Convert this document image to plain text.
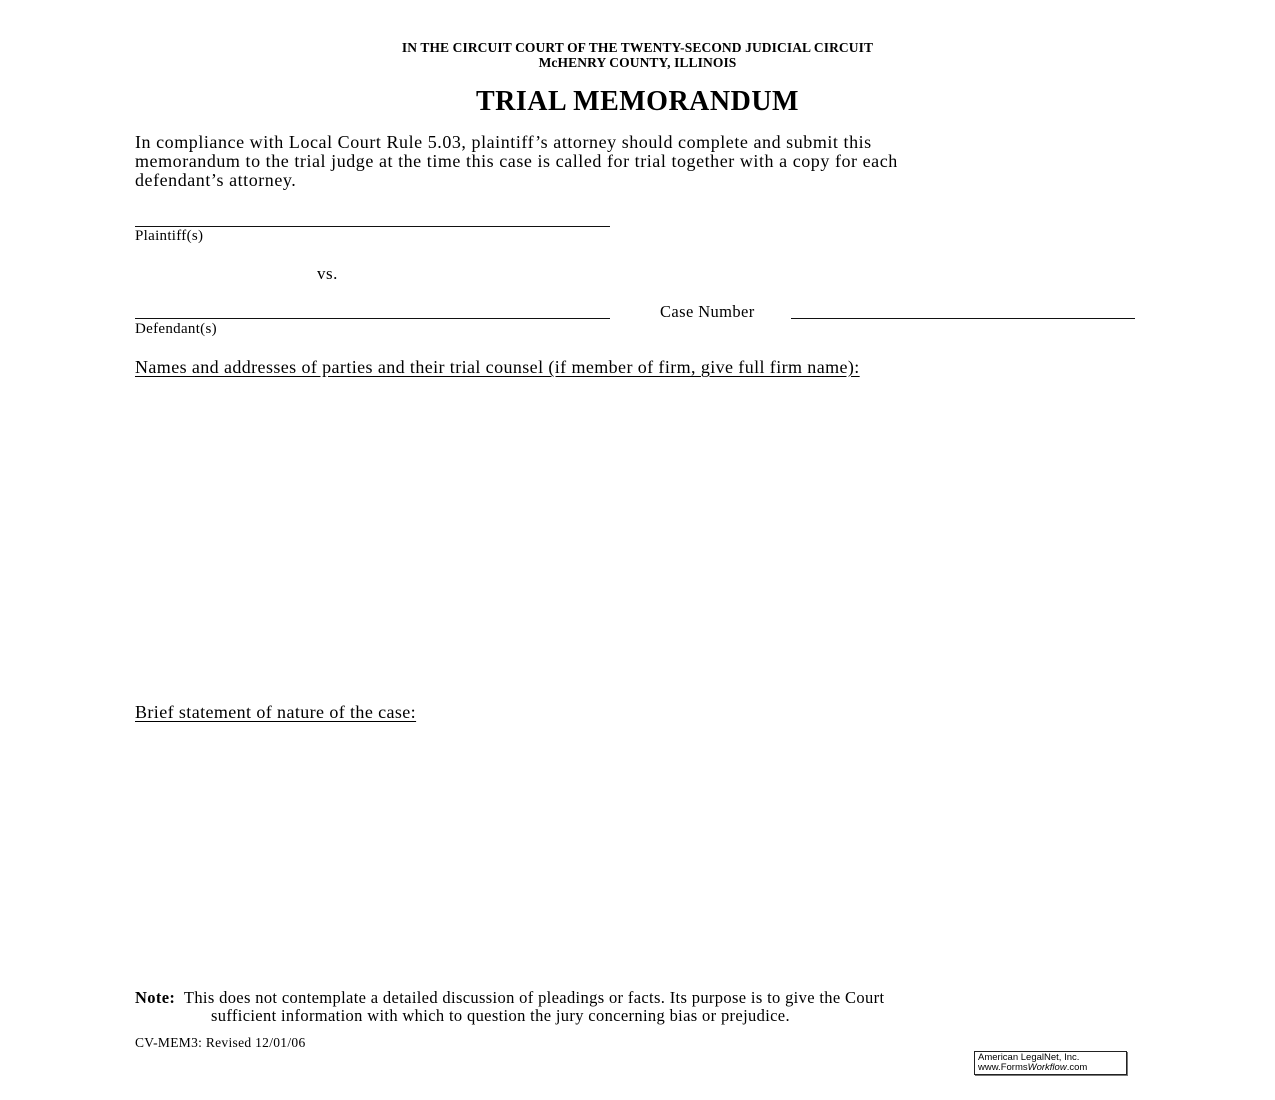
IN THE CIRCUIT COURT OF THE TWENTY-SECOND JUDICIAL CIRCUIT
McHENRY COUNTY, ILLINOIS
TRIAL MEMORANDUM
In compliance with Local Court Rule 5.03, plaintiff’s attorney should complete and submit this
memorandum to the trial judge at the time this case is called for trial together with a copy for each
defendant’s attorney.
Plaintiff(s)
vs.
Defendant(s)
Case Number
Names and addresses of parties and their trial counsel (if member of firm, give full firm name):
Brief statement of nature of the case:
Note: This does not contemplate a detailed discussion of pleadings or facts. Its purpose is to give the Court
sufficient information with which to question the jury concerning bias or prejudice.
CV-MEM3: Revised 12/01/06
American LegalNet, Inc.
www.FormsWorkflow.com
